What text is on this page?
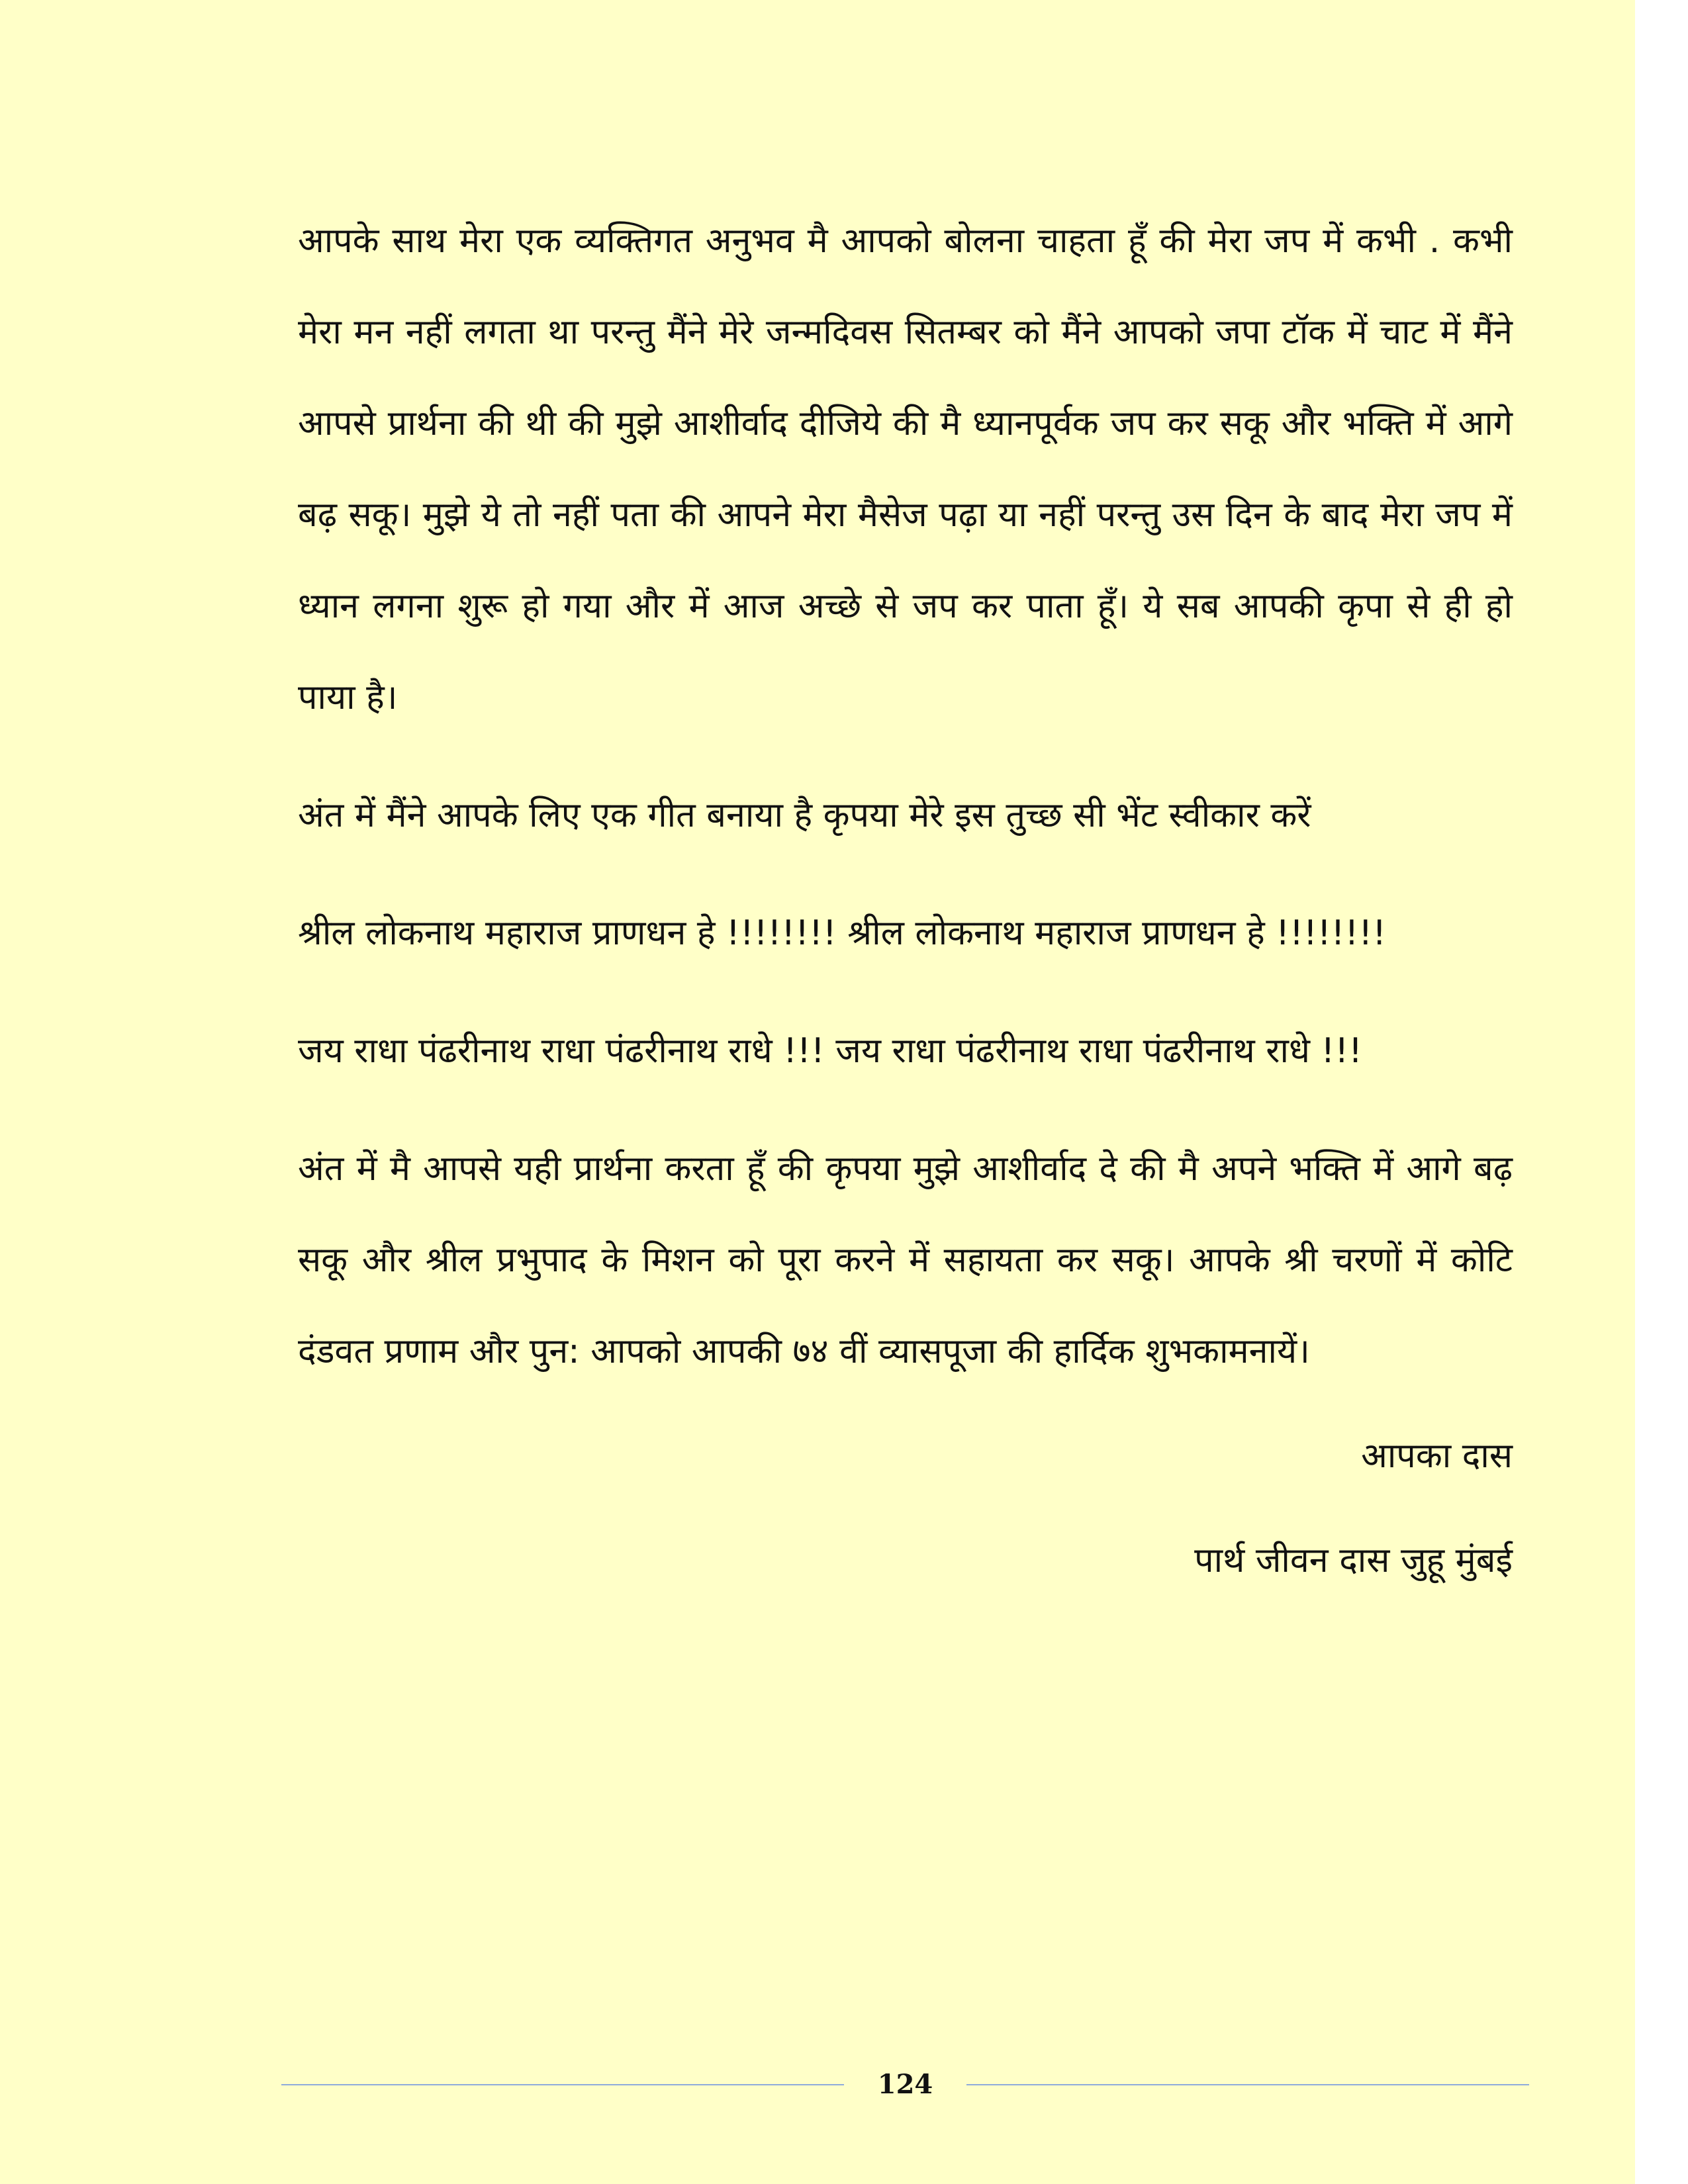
आपके साथ मेरा एक व्यक्तिगत अनुभव मै आपको बोलना चाहता हूँ की मेरा जप में कभी . कभी मेरा मन नहीं लगता था परन्तु मैंने मेरे जन्मदिवस सितम्बर को मैंने आपको जपा टॉक में चाट में मैंने आपसे प्रार्थना की थी की मुझे आशीर्वाद दीजिये की मै ध्यानपूर्वक जप कर सकू और भक्ति में आगे बढ़ सकू। मुझे ये तो नहीं पता की आपने मेरा मैसेज पढ़ा या नहीं परन्तु उस दिन के बाद मेरा जप में ध्यान लगना शुरू हो गया और में आज अच्छे से जप कर पाता हूँ। ये सब आपकी कृपा से ही हो पाया है।

अंत में मैंने आपके लिए एक गीत बनाया है कृपया मेरे इस तुच्छ सी भेंट स्वीकार करें

श्रील लोकनाथ महाराज प्राणधन हे !!!!!!!! श्रील लोकनाथ महाराज प्राणधन हे !!!!!!!!

जय राधा पंढरीनाथ राधा पंढरीनाथ राधे !!! जय राधा पंढरीनाथ राधा पंढरीनाथ राधे !!!

अंत में मै आपसे यही प्रार्थना करता हूँ की कृपया मुझे आशीर्वाद दे की मै अपने भक्ति में आगे बढ़ सकू और श्रील प्रभुपाद के मिशन को पूरा करने में सहायता कर सकू। आपके श्री चरणों में कोटि दंडवत प्रणाम और पुन: आपको आपकी ७४ वीं व्यासपूजा की हार्दिक शुभकामनायें।

आपका दास

पार्थ जीवन दास जुहू मुंबई

124
